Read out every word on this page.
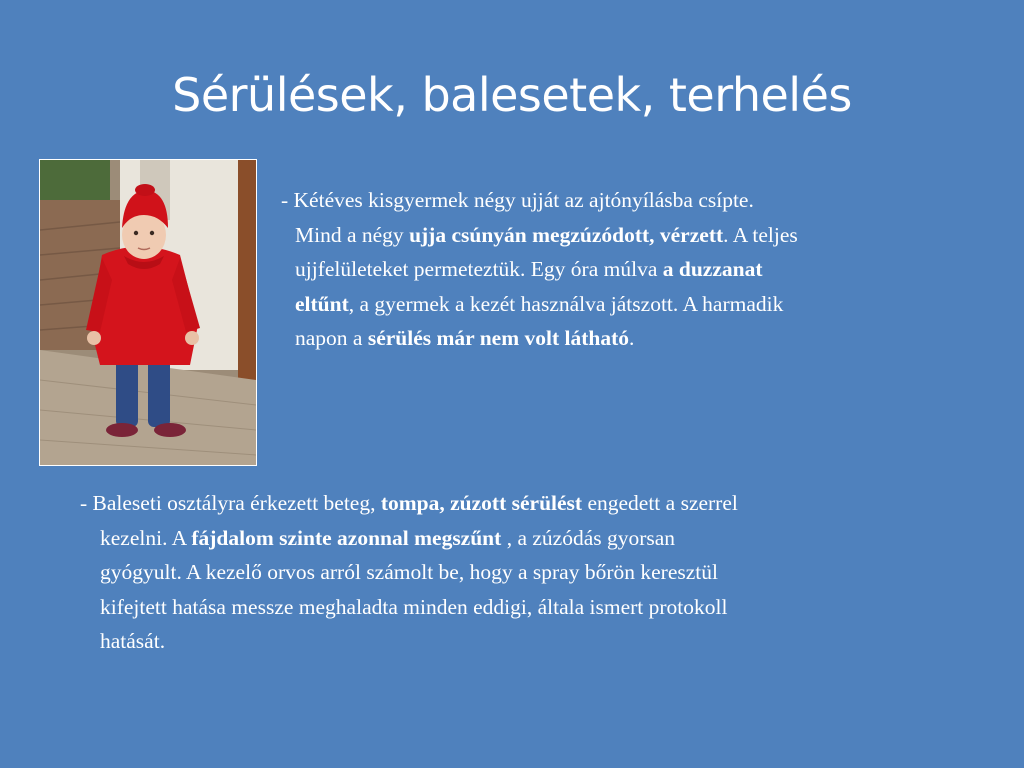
Sérülések, balesetek, terhelés

- Kétéves kisgyermek négy ujját az ajtónyílásba csípte.
Mind a négy ujja csúnyán megzúzódott, vérzett. A teljes
ujjfelületeket permeteztük. Egy óra múlva a duzzanat
eltűnt, a gyermek a kezét használva játszott. A harmadik
napon a sérülés már nem volt látható.

- Baleseti osztályra érkezett beteg, tompa, zúzott sérülést engedett a szerrel
kezelni. A fájdalom szinte azonnal megszűnt , a zúzódás gyorsan
gyógyult. A kezelő orvos arról számolt be, hogy a spray bőrön keresztül
kifejtett hatása messze meghaladta minden eddigi, általa ismert protokoll
hatását.
